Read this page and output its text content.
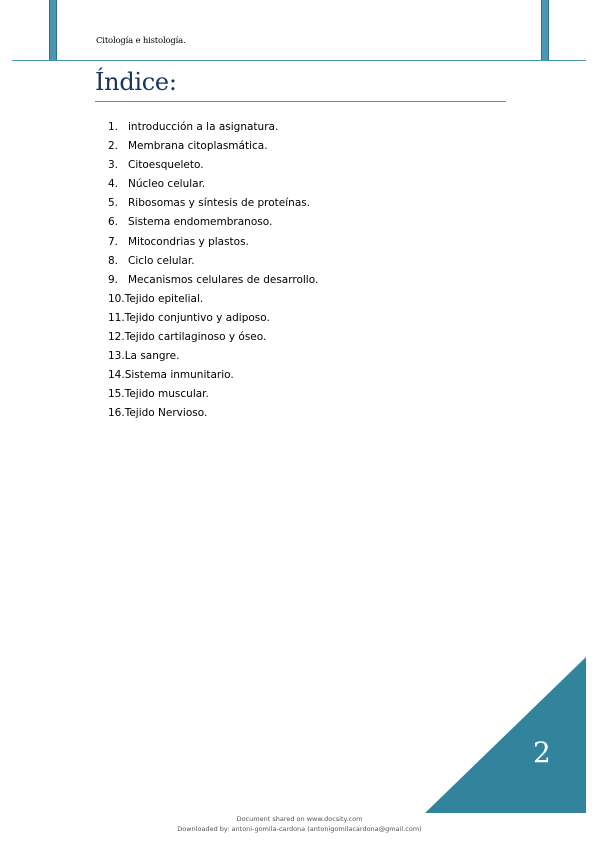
Citología e histología.
Índice:
1. introducción a la asignatura.
2. Membrana citoplasmática.
3. Citoesqueleto.
4. Núcleo celular.
5. Ribosomas y síntesis de proteínas.
6. Sistema endomembranoso.
7. Mitocondrias y plastos.
8. Ciclo celular.
9. Mecanismos celulares de desarrollo.
10.Tejido epitelial.
11.Tejido conjuntivo y adiposo.
12.Tejido cartilaginoso y óseo.
13.La sangre.
14.Sistema inmunitario.
15.Tejido muscular.
16.Tejido Nervioso.
2
Document shared on www.docsity.com
Downloaded by: antoni-gomila-cardona (antonigomilacardona@gmail.com)
